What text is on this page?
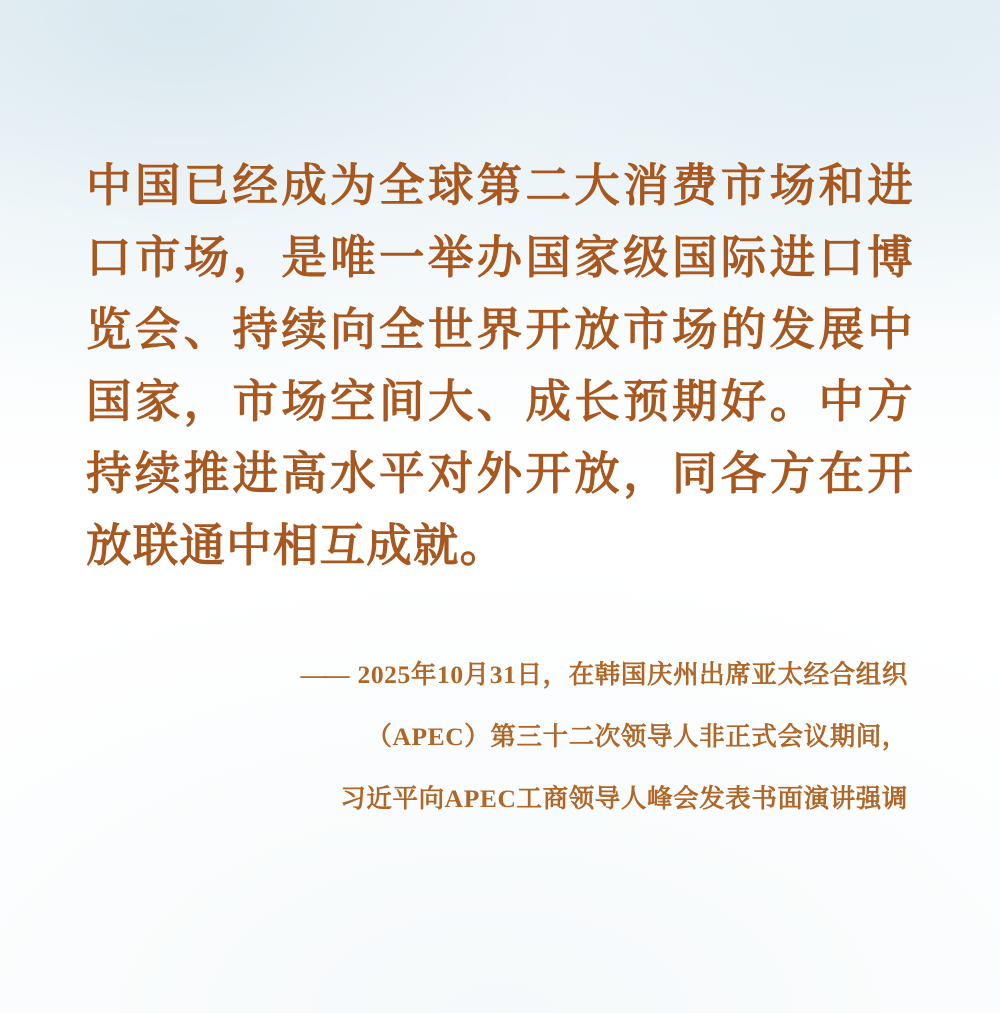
中国已经成为全球第二大消费市场和进口市场，是唯一举办国家级国际进口博览会、持续向全世界开放市场的发展中国家，市场空间大、成长预期好。中方持续推进高水平对外开放，同各方在开放联通中相互成就。

—— 2025年10月31日，在韩国庆州出席亚太经合组织
（APEC）第三十二次领导人非正式会议期间，
习近平向APEC工商领导人峰会发表书面演讲强调
